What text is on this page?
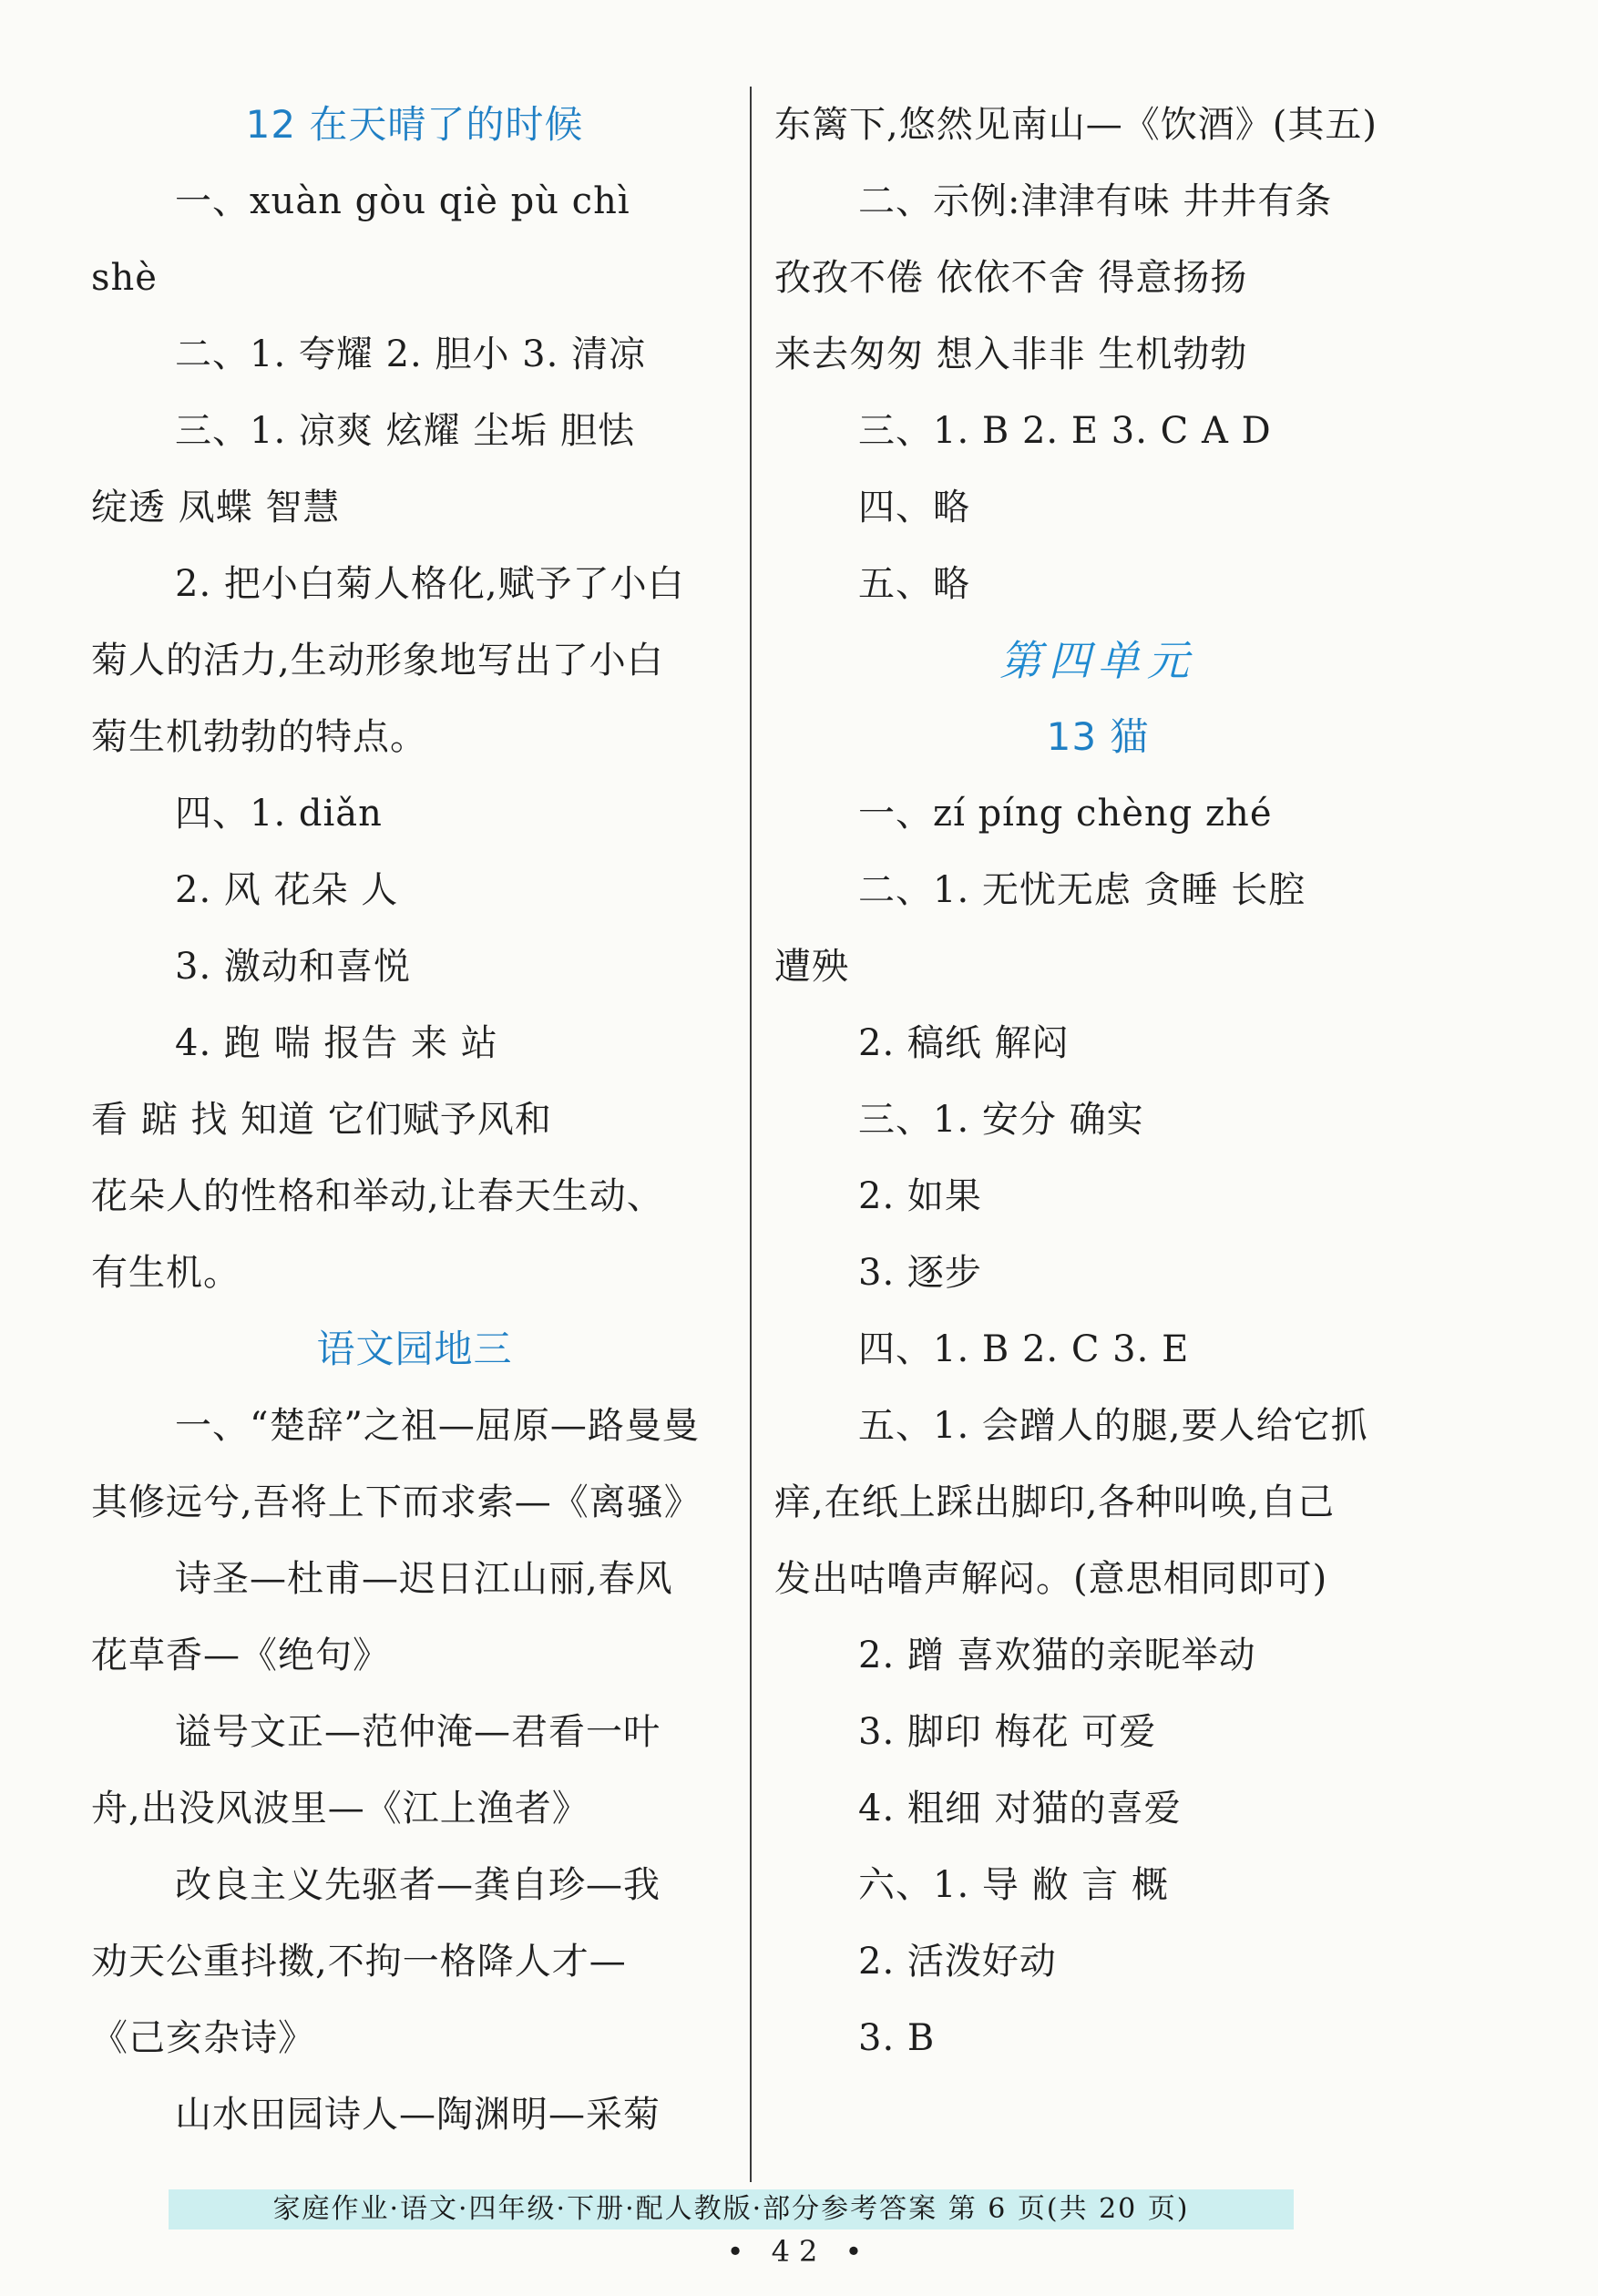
12 在天晴了的时候
一、xuàn gòu qiè pù chì
shè
二、1. 夸耀 2. 胆小 3. 清凉
三、1. 凉爽 炫耀 尘垢 胆怯
绽透 凤蝶 智慧
2. 把小白菊人格化,赋予了小白
菊人的活力,生动形象地写出了小白
菊生机勃勃的特点。
四、1. diǎn
2. 风 花朵 人
3. 激动和喜悦
4. 跑 喘 报告 来 站
看 踮 找 知道 它们赋予风和
花朵人的性格和举动,让春天生动、
有生机。
语文园地三
一、“楚辞”之祖—屈原—路曼曼
其修远兮,吾将上下而求索—《离骚》
诗圣—杜甫—迟日江山丽,春风
花草香—《绝句》
谥号文正—范仲淹—君看一叶
舟,出没风波里—《江上渔者》
改良主义先驱者—龚自珍—我
劝天公重抖擞,不拘一格降人才—
《己亥杂诗》
山水田园诗人—陶渊明—采菊
东篱下,悠然见南山—《饮酒》(其五)
二、示例:津津有味 井井有条
孜孜不倦 依依不舍 得意扬扬
来去匆匆 想入非非 生机勃勃
三、1. B 2. E 3. C A D
四、略
五、略
第四单元
13 猫
一、zí píng chèng zhé
二、1. 无忧无虑 贪睡 长腔
遭殃
2. 稿纸 解闷
三、1. 安分 确实
2. 如果
3. 逐步
四、1. B 2. C 3. E
五、1. 会蹭人的腿,要人给它抓
痒,在纸上踩出脚印,各种叫唤,自己
发出咕噜声解闷。(意思相同即可)
2. 蹭 喜欢猫的亲昵举动
3. 脚印 梅花 可爱
4. 粗细 对猫的喜爱
六、1. 导 敝 言 概
2. 活泼好动
3. B
家庭作业·语文·四年级·下册·配人教版·部分参考答案 第 6 页(共 20 页)
• 42 •
